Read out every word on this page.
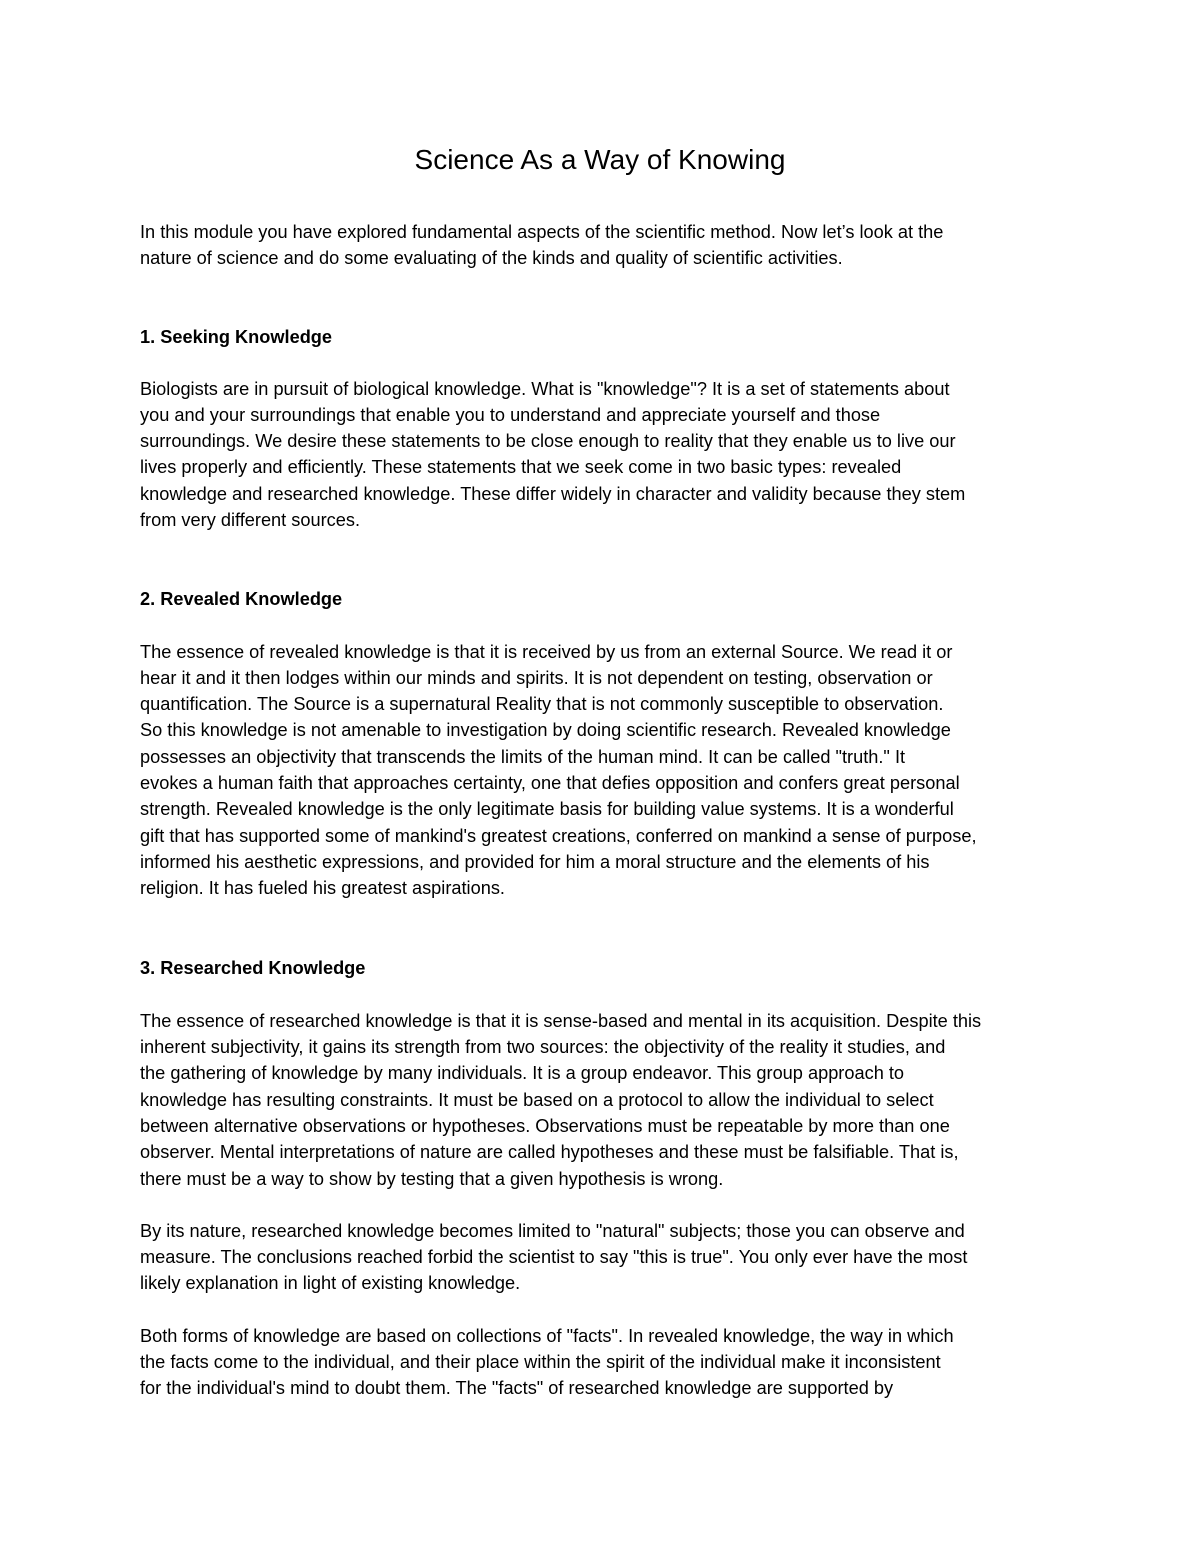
Science As a Way of Knowing
In this module you have explored fundamental aspects of the scientific method. Now let’s look at the
nature of science and do some evaluating of the kinds and quality of scientific activities.
1. Seeking Knowledge
Biologists are in pursuit of biological knowledge. What is "knowledge"? It is a set of statements about
you and your surroundings that enable you to understand and appreciate yourself and those
surroundings. We desire these statements to be close enough to reality that they enable us to live our
lives properly and efficiently. These statements that we seek come in two basic types: revealed
knowledge and researched knowledge. These differ widely in character and validity because they stem
from very different sources.
2. Revealed Knowledge
The essence of revealed knowledge is that it is received by us from an external Source. We read it or
hear it and it then lodges within our minds and spirits. It is not dependent on testing, observation or
quantification. The Source is a supernatural Reality that is not commonly susceptible to observation.
So this knowledge is not amenable to investigation by doing scientific research. Revealed knowledge
possesses an objectivity that transcends the limits of the human mind. It can be called "truth." It
evokes a human faith that approaches certainty, one that defies opposition and confers great personal
strength. Revealed knowledge is the only legitimate basis for building value systems. It is a wonderful
gift that has supported some of mankind's greatest creations, conferred on mankind a sense of purpose,
informed his aesthetic expressions, and provided for him a moral structure and the elements of his
religion. It has fueled his greatest aspirations.
3. Researched Knowledge
The essence of researched knowledge is that it is sense-based and mental in its acquisition. Despite this
inherent subjectivity, it gains its strength from two sources: the objectivity of the reality it studies, and
the gathering of knowledge by many individuals. It is a group endeavor. This group approach to
knowledge has resulting constraints. It must be based on a protocol to allow the individual to select
between alternative observations or hypotheses. Observations must be repeatable by more than one
observer. Mental interpretations of nature are called hypotheses and these must be falsifiable. That is,
there must be a way to show by testing that a given hypothesis is wrong.
By its nature, researched knowledge becomes limited to "natural" subjects; those you can observe and
measure. The conclusions reached forbid the scientist to say "this is true". You only ever have the most
likely explanation in light of existing knowledge.
Both forms of knowledge are based on collections of "facts". In revealed knowledge, the way in which
the facts come to the individual, and their place within the spirit of the individual make it inconsistent
for the individual's mind to doubt them. The "facts" of researched knowledge are supported by
